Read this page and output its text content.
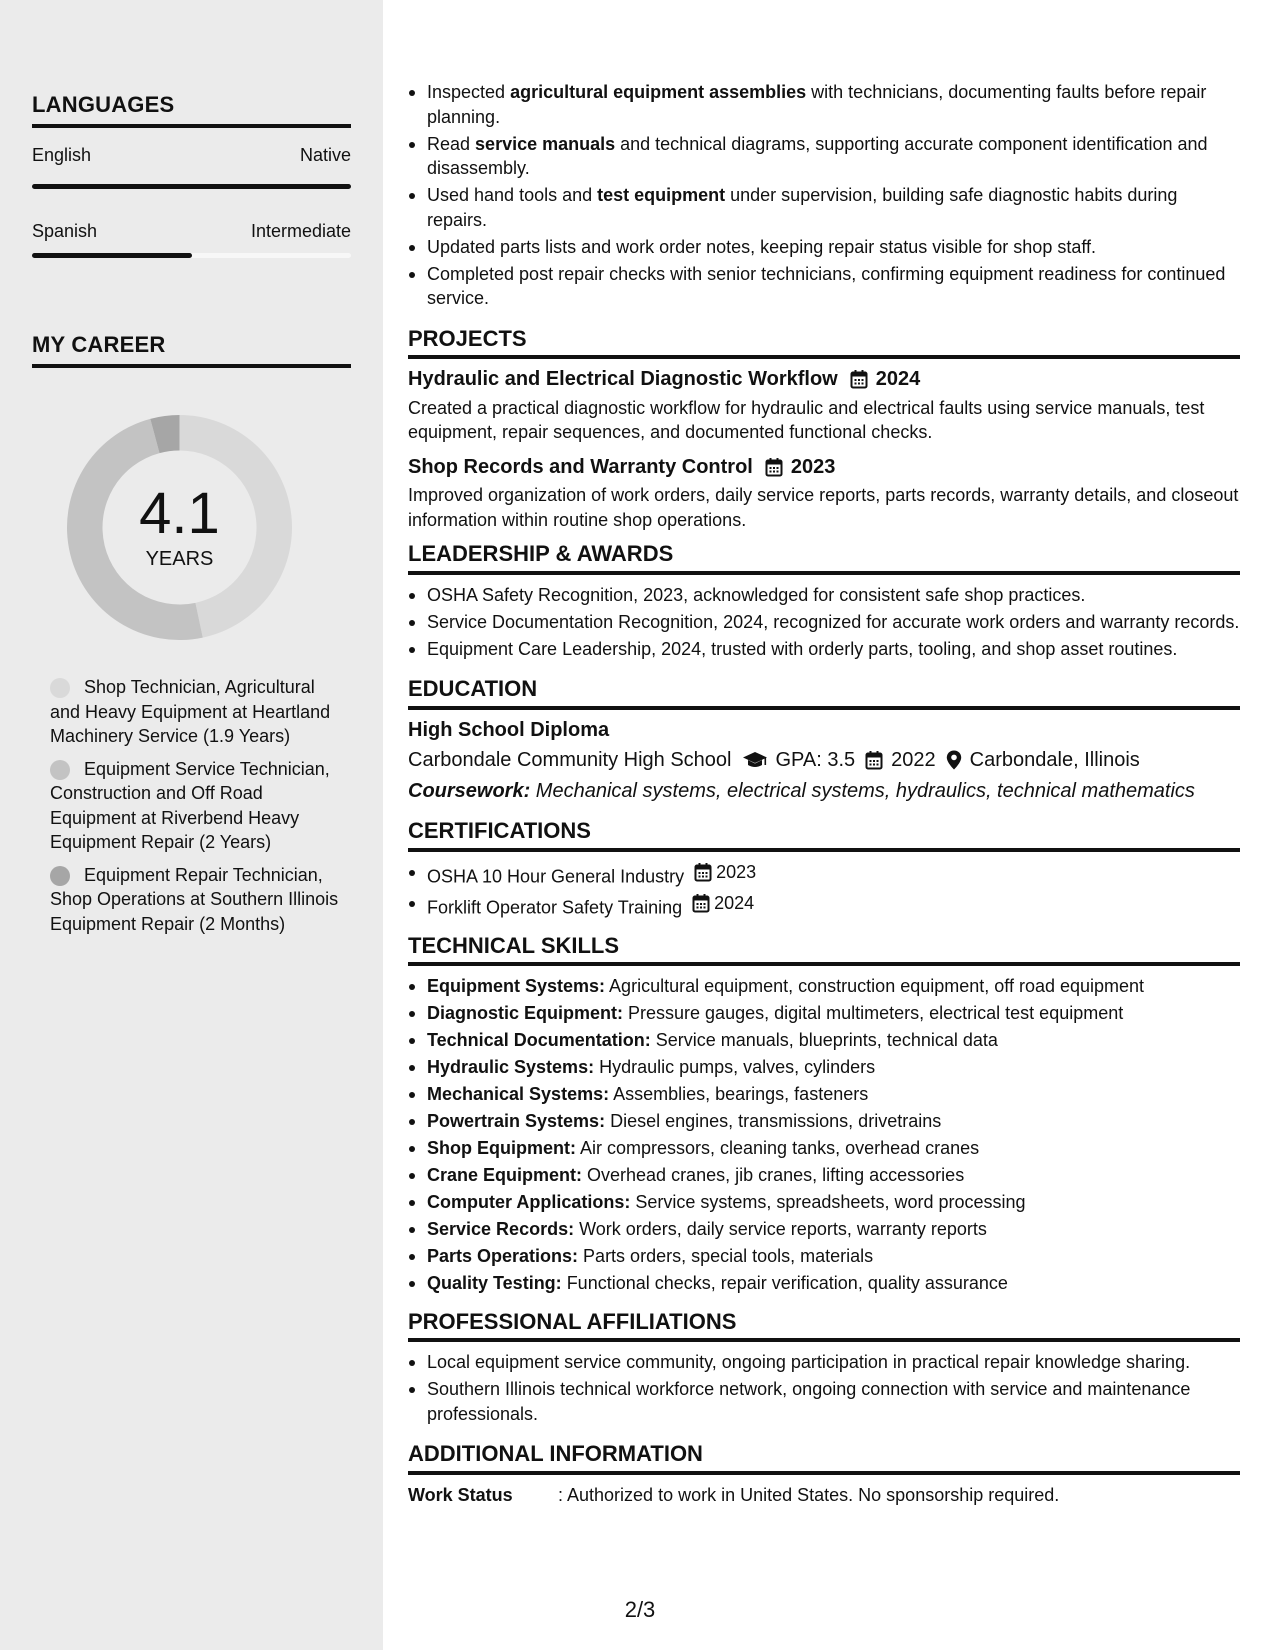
LANGUAGES
English	Native
Spanish	Intermediate
MY CAREER
4.1
YEARS
Shop Technician, Agricultural and Heavy Equipment at Heartland Machinery Service (1.9 Years)
Equipment Service Technician, Construction and Off Road Equipment at Riverbend Heavy Equipment Repair (2 Years)
Equipment Repair Technician, Shop Operations at Southern Illinois Equipment Repair (2 Months)
Inspected agricultural equipment assemblies with technicians, documenting faults before repair planning.
Read service manuals and technical diagrams, supporting accurate component identification and disassembly.
Used hand tools and test equipment under supervision, building safe diagnostic habits during repairs.
Updated parts lists and work order notes, keeping repair status visible for shop staff.
Completed post repair checks with senior technicians, confirming equipment readiness for continued service.
PROJECTS
Hydraulic and Electrical Diagnostic Workflow 2024
Created a practical diagnostic workflow for hydraulic and electrical faults using service manuals, test equipment, repair sequences, and documented functional checks.
Shop Records and Warranty Control 2023
Improved organization of work orders, daily service reports, parts records, warranty details, and closeout information within routine shop operations.
LEADERSHIP & AWARDS
OSHA Safety Recognition, 2023, acknowledged for consistent safe shop practices.
Service Documentation Recognition, 2024, recognized for accurate work orders and warranty records.
Equipment Care Leadership, 2024, trusted with orderly parts, tooling, and shop asset routines.
EDUCATION
High School Diploma
Carbondale Community High School GPA: 3.5 2022 Carbondale, Illinois
Coursework: Mechanical systems, electrical systems, hydraulics, technical mathematics
CERTIFICATIONS
OSHA 10 Hour General Industry 2023
Forklift Operator Safety Training 2024
TECHNICAL SKILLS
Equipment Systems: Agricultural equipment, construction equipment, off road equipment
Diagnostic Equipment: Pressure gauges, digital multimeters, electrical test equipment
Technical Documentation: Service manuals, blueprints, technical data
Hydraulic Systems: Hydraulic pumps, valves, cylinders
Mechanical Systems: Assemblies, bearings, fasteners
Powertrain Systems: Diesel engines, transmissions, drivetrains
Shop Equipment: Air compressors, cleaning tanks, overhead cranes
Crane Equipment: Overhead cranes, jib cranes, lifting accessories
Computer Applications: Service systems, spreadsheets, word processing
Service Records: Work orders, daily service reports, warranty reports
Parts Operations: Parts orders, special tools, materials
Quality Testing: Functional checks, repair verification, quality assurance
PROFESSIONAL AFFILIATIONS
Local equipment service community, ongoing participation in practical repair knowledge sharing.
Southern Illinois technical workforce network, ongoing connection with service and maintenance professionals.
ADDITIONAL INFORMATION
Work Status	: Authorized to work in United States. No sponsorship required.
2/3
